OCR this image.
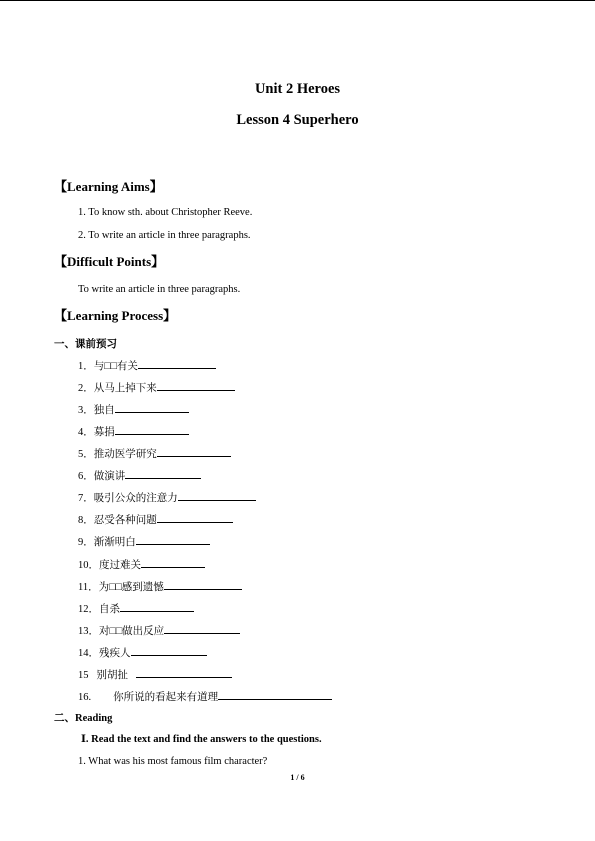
Unit 2 Heroes
Lesson 4 Superhero
【Learning Aims】
1. To know sth. about Christopher Reeve.
2. To write an article in three paragraphs.
【Difficult Points】
To write an article in three paragraphs.
【Learning Process】
一、课前预习
1．与□□有关
2．从马上掉下来
3．独自
4．募捐
5．推动医学研究
6．做演讲
7．吸引公众的注意力
8．忍受各种问题
9．渐渐明白
10．度过难关
11．为□□感到遗憾
12．自杀
13．对□□做出反应
14．残疾人
15 别胡扯
16. 你所说的看起来有道理
二、Reading
Ⅰ. Read the text and find the answers to the questions.
1. What was his most famous film character?
1 / 6
